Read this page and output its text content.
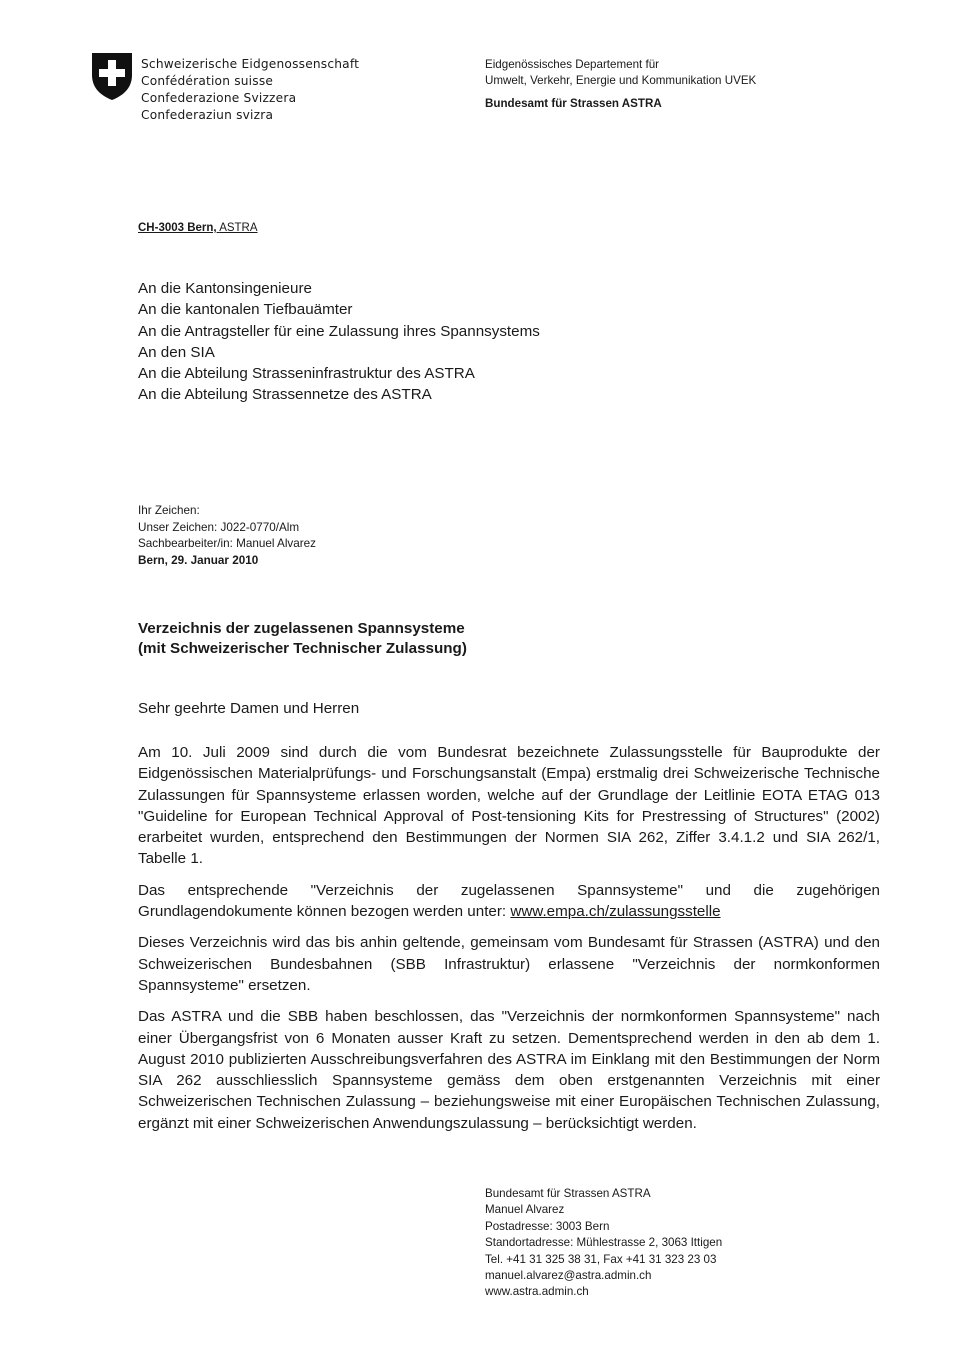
Schweizerische Eidgenossenschaft
Confédération suisse
Confederazione Svizzera
Confederaziun svizra
Eidgenössisches Departement für
Umwelt, Verkehr, Energie und Kommunikation UVEK
Bundesamt für Strassen ASTRA
CH-3003 Bern, ASTRA
An die Kantonsingenieure
An die kantonalen Tiefbauämter
An die Antragsteller für eine Zulassung ihres Spannsystems
An den SIA
An die Abteilung Strasseninfrastruktur des ASTRA
An die Abteilung Strassennetze des ASTRA
Ihr Zeichen:
Unser Zeichen: J022-0770/Alm
Sachbearbeiter/in: Manuel Alvarez
Bern, 29. Januar 2010
Verzeichnis der zugelassenen Spannsysteme
(mit Schweizerischer Technischer Zulassung)
Sehr geehrte Damen und Herren

Am 10. Juli 2009 sind durch die vom Bundesrat bezeichnete Zulassungsstelle für Bauprodukte der Eidgenössischen Materialprüfungs- und Forschungsanstalt (Empa) erstmalig drei Schweizerische Technische Zulassungen für Spannsysteme erlassen worden, welche auf der Grundlage der Leitlinie EOTA ETAG 013 "Guideline for European Technical Approval of Post-tensioning Kits for Prestressing of Structures" (2002) erarbeitet wurden, entsprechend den Bestimmungen der Normen SIA 262, Ziffer 3.4.1.2 und SIA 262/1, Tabelle 1.

Das entsprechende "Verzeichnis der zugelassenen Spannsysteme" und die zugehörigen Grundlagendokumente können bezogen werden unter: www.empa.ch/zulassungsstelle

Dieses Verzeichnis wird das bis anhin geltende, gemeinsam vom Bundesamt für Strassen (ASTRA) und den Schweizerischen Bundesbahnen (SBB Infrastruktur) erlassene "Verzeichnis der normkonformen Spannsysteme" ersetzen.

Das ASTRA und die SBB haben beschlossen, das "Verzeichnis der normkonformen Spannsysteme" nach einer Übergangsfrist von 6 Monaten ausser Kraft zu setzen. Dementsprechend werden in den ab dem 1. August 2010 publizierten Ausschreibungsverfahren des ASTRA im Einklang mit den Bestimmungen der Norm SIA 262 ausschliesslich Spannsysteme gemäss dem oben erstgenannten Verzeichnis mit einer Schweizerischen Technischen Zulassung – beziehungsweise mit einer Europäischen Technischen Zulassung, ergänzt mit einer Schweizerischen Anwendungszulassung – berücksichtigt werden.

Bundesamt für Strassen ASTRA
Manuel Alvarez
Postadresse: 3003 Bern
Standortadresse: Mühlestrasse 2, 3063 Ittigen
Tel. +41 31 325 38 31, Fax +41 31 323 23 03
manuel.alvarez@astra.admin.ch
www.astra.admin.ch
